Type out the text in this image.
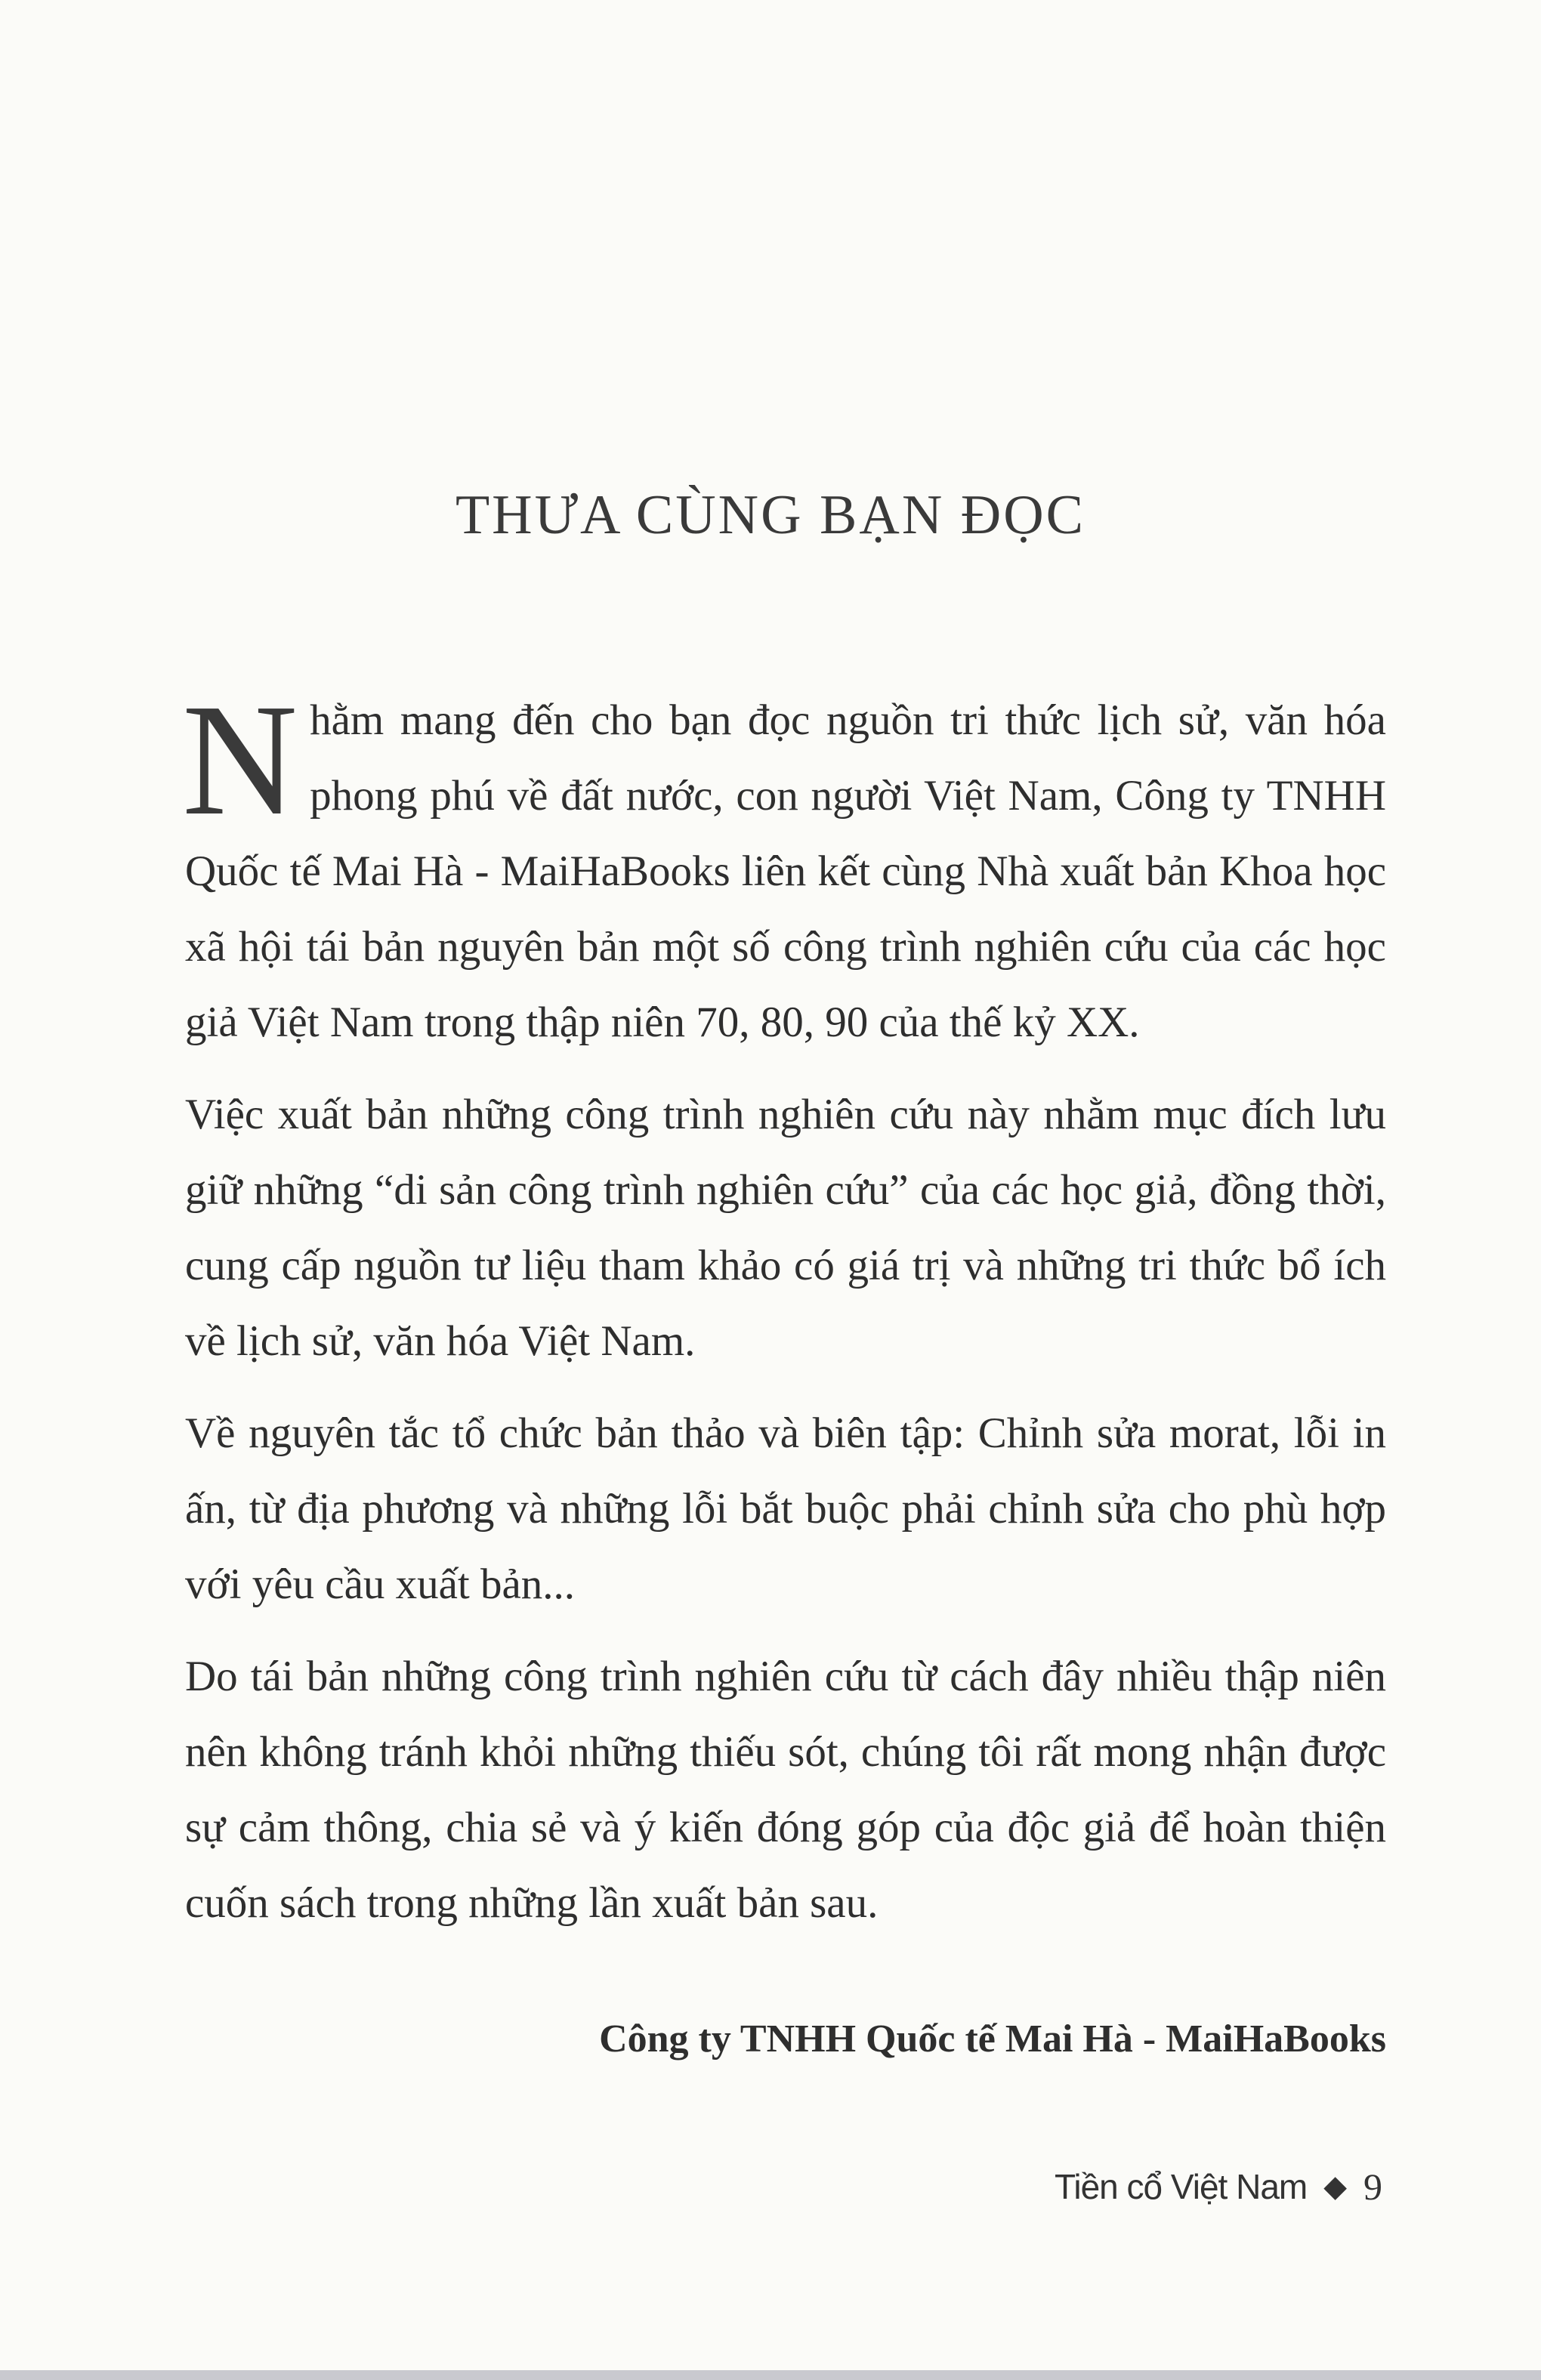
THƯA CÙNG BẠN ĐỌC

Nhằm mang đến cho bạn đọc nguồn tri thức lịch sử, văn hóa phong phú về đất nước, con người Việt Nam, Công ty TNHH Quốc tế Mai Hà - MaiHaBooks liên kết cùng Nhà xuất bản Khoa học xã hội tái bản nguyên bản một số công trình nghiên cứu của các học giả Việt Nam trong thập niên 70, 80, 90 của thế kỷ XX.

Việc xuất bản những công trình nghiên cứu này nhằm mục đích lưu giữ những “di sản công trình nghiên cứu” của các học giả, đồng thời, cung cấp nguồn tư liệu tham khảo có giá trị và những tri thức bổ ích về lịch sử, văn hóa Việt Nam.

Về nguyên tắc tổ chức bản thảo và biên tập: Chỉnh sửa morat, lỗi in ấn, từ địa phương và những lỗi bắt buộc phải chỉnh sửa cho phù hợp với yêu cầu xuất bản...

Do tái bản những công trình nghiên cứu từ cách đây nhiều thập niên nên không tránh khỏi những thiếu sót, chúng tôi rất mong nhận được sự cảm thông, chia sẻ và ý kiến đóng góp của độc giả để hoàn thiện cuốn sách trong những lần xuất bản sau.

Công ty TNHH Quốc tế Mai Hà - MaiHaBooks
Tiền cổ Việt Nam ◆ 9
